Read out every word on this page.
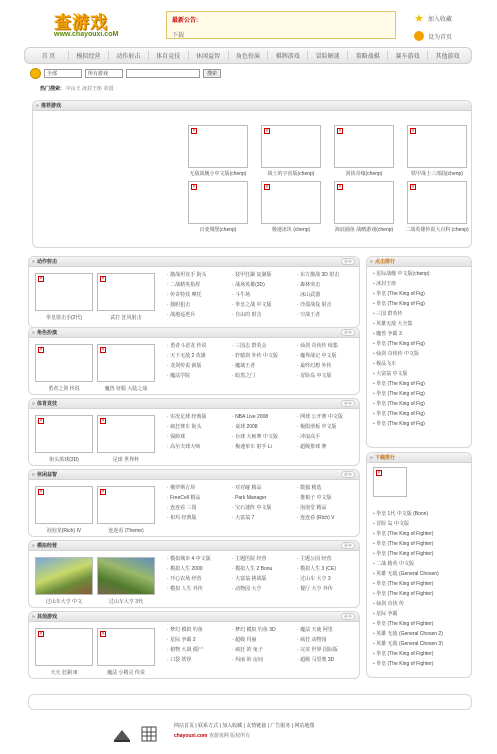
查游戏
www.chayouxi.coM
最新公告:
下载
★ 加入收藏
设为首页
首 页	模拟经营	动作射击	体育竞技	休闲益智	角色扮演	棋牌游戏	冒险解谜	策略战棋	赛车游戏	其他游戏
全部	所有游戏	搜索
热门搜索: 中山王 冰封王座 帝国
» 推荐游戏
×	×	×	×
无敌战舰小中文版(chenp)	战士的宇宙版(chenp)	剑侠奇缘(chenp)	铁甲战士三部曲(chenp)
×	×	×	×
百变城堡(chenp)	极速冰块 (chenp)	海底捕鱼 战略游戏(chenp)	二战英雄传说大百科 (chenp)
» 动作射击	更多
×	×
拳皇射击手(2代)	武打 狂风射击
· 激战坦克手 街头
· 二战精英指挥
· 传奇特技 摩托
· 独胆狙击
· 战地巡逻兵
· 装甲狂飙 复制版
· 战场英雄(3D)
· 斗牛场
· 拳皇之战 中文版
· 自由的 射击
· 东方激战 3D 射击
· 森林突击
· 冰山武器
· 沙漠战役 射击
· 空战王者
» 角色扮演	更多
×	×
勇者之剑 传说	魔兽 征服 大陆之战
· 勇者斗恶龙 传说
· 天下无敌 2 英雄
· 龙剑传说 新版
· 魔法学院
· 三国志 群英会
· 轩辕剑 外传 中文版
· 魔域王者
· 暗黑之门
· 仙剑 奇侠传 续集
· 魔界战记 中文版
· 最终幻想 外传
· 冒险岛 中文版
» 体育竞技	更多
×	×
街头篮球(3D)	足球 世界杯
· 实况足球 经典版
· 疯狂赛车 街头
· 保龄球
· 高尔夫球大师
· NBA Live 2008
· 桌球 2008
· 台球 大师赛 中文版
· 极速单车 射手 Li
· 网球 公开赛 中文版
· 极限滑板 中文版
· 冲浪高手
· 超级排球 赛
» 休闲益智	更多
×	×
泡泡龙(Rich) IV	连连看 (Theme)
· 俄罗斯方块
· FreeCell 精品
· 连连看 三国
· 祖玛 经典版
· 对对碰 精品
· Park Manager
· 宝石迷阵 中文版
· 大富翁 7
· 数独 精选
· 推箱子 中文版
· 泡泡堂 精品
· 连连看 (Rich) V
» 模拟经营	更多
过山车大亨 中文	过山车大亨 3代
· 模拟城市 4 中文版
· 模拟人生 2000
· 开心农场 经营
· 模拟 人生 外传
· 主题医院 经营
· 模拟人生 2 Bonu
· 大富翁 挑战版
· 动物园 大亨
· 主题公园 经营
· 模拟人生 3 (CE)
· 过山车 大亨 3
· 餐厅 大亨 外传
» 其他游戏	更多
×	×
天天 狂飙 III	魔法 小精灵 传说
· 梦幻 模拟 钓鱼
· 星际 争霸 2
· 植物 大战 僵尸
· 口袋 妖怪
· 梦幻 模拟 钓鱼 3D
· 超级 玛丽
· 疯狂 的 兔子
· 玛丽 的 房间
· 魔法 天使 阿里
· 疯狂 动物园
· 完美 世界 国际版
· 超级 马里奥 3D
» 点击排行
▪ 星际战舰 中文版(chenp)
▪ 冰封王座
▪ 拳皇 (The King of Fig)
▪ 拳皇 (The King of Fig)
▪ 三国 群英传
▪ 英雄无敌 大全集
▪ 魔兽 争霸 3
▪ 拳皇 (The King of Fig)
▪ 仙剑 奇侠传 中文版
▪ 极品飞车
▪ 大富翁 中文版
▪ 拳皇 (The King of Fig)
▪ 拳皇 (The King of Fig)
▪ 拳皇 (The King of Fig)
▪ 拳皇 (The King of Fig)
▪ 拳皇 (The King of Fig)
» 下载排行
×
▪ 拳皇 1代 中文版 (Bonn)
▪ 冒险 岛 中文版
▪ 拳皇 (The King of Fighter)
▪ 拳皇 (The King of Fighter)
▪ 拳皇 (The King of Fighter)
▪ 二战 精英 中文版
▪ 英雄 无敌 (General Chosen)
▪ 拳皇 (The King of Fighter)
▪ 拳皇 (The King of Fighter)
▪ 仙剑 奇侠 传
▪ 星际 争霸
▪ 拳皇 (The King of Fighter)
▪ 英雄 无敌 (General Chosen 2)
▪ 英雄 无敌 (General Chosen 3)
▪ 拳皇 (The King of Fighter)
▪ 拳皇 (The King of Fighter)
网站首页 | 联系方式 | 加入收藏 | 友情链接 | 广告服务 | 网站地图
chayouxi.com 查游戏网 版权所有
